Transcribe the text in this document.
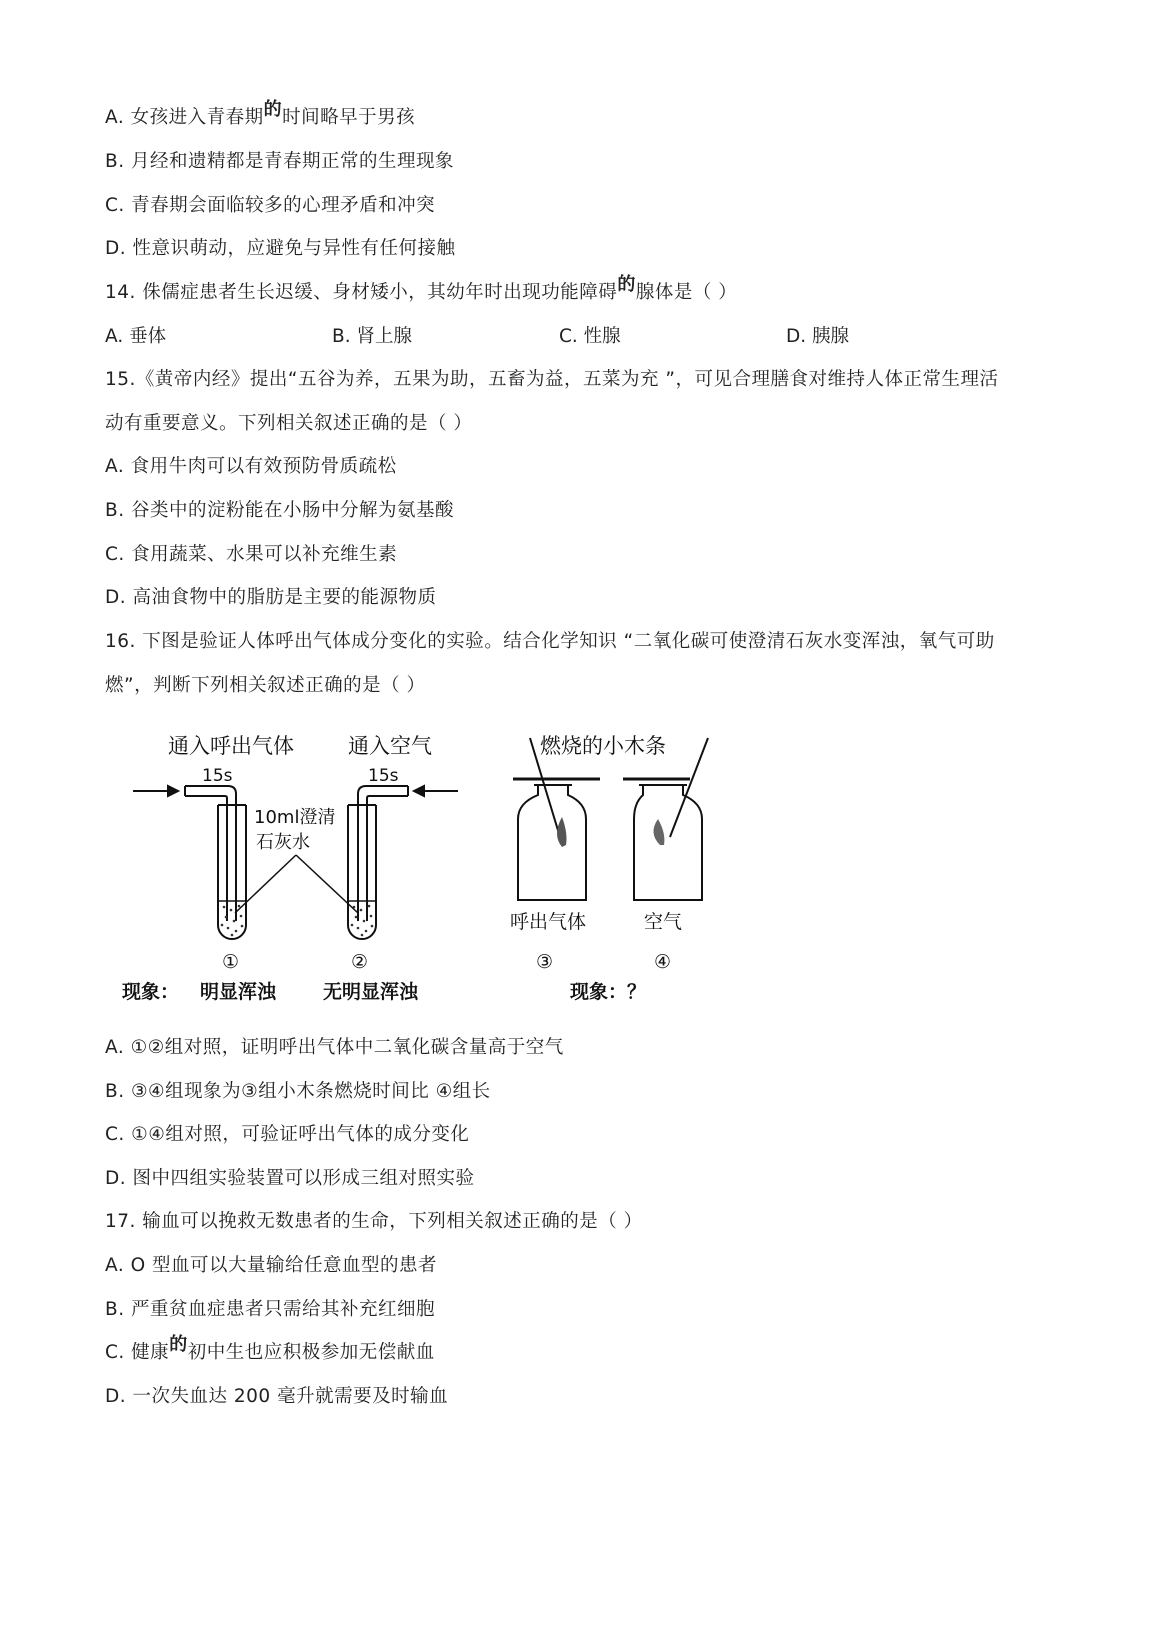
A. 女孩进入青春期的时间略早于男孩
B. 月经和遗精都是青春期正常的生理现象
C. 青春期会面临较多的心理矛盾和冲突
D. 性意识萌动，应避免与异性有任何接触
14. 侏儒症患者生长迟缓、身材矮小，其幼年时出现功能障碍的腺体是（ ）
A. 垂体	B. 肾上腺	C. 性腺	D. 胰腺
15.《黄帝内经》提出“五谷为养，五果为助，五畜为益，五菜为充 ”，可见合理膳食对维持人体正常生理活
动有重要意义。下列相关叙述正确的是（ ）
A. 食用牛肉可以有效预防骨质疏松
B. 谷类中的淀粉能在小肠中分解为氨基酸
C. 食用蔬菜、水果可以补充维生素
D. 高油食物中的脂肪是主要的能源物质
16. 下图是验证人体呼出气体成分变化的实验。结合化学知识 “二氧化碳可使澄清石灰水变浑浊，氧气可助
燃”，判断下列相关叙述正确的是（ ）
通入呼出气体	通入空气
15s	15s
10ml澄清
石灰水
①	②	③	④
现象： 明显浑浊 无明显浑浊	现象：？
燃烧的小木条
呼出气体	空气
A. ①②组对照，证明呼出气体中二氧化碳含量高于空气
B. ③④组现象为③组小木条燃烧时间比 ④组长
C. ①④组对照，可验证呼出气体的成分变化
D. 图中四组实验装置可以形成三组对照实验
17. 输血可以挽救无数患者的生命，下列相关叙述正确的是（ ）
A. O 型血可以大量输给任意血型的患者
B. 严重贫血症患者只需给其补充红细胞
C. 健康的初中生也应积极参加无偿献血
D. 一次失血达 200 毫升就需要及时输血
